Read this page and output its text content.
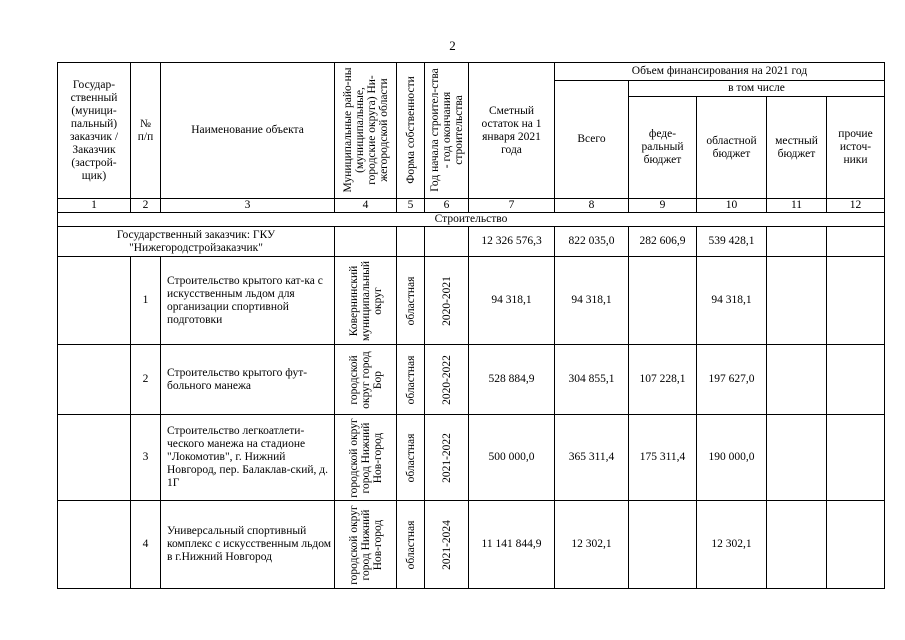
2
Государ-ственный (муници-пальный) заказчик / Заказчик (застрой-щик)	№ п/п	Наименование объекта	Муниципальные райо-ны (муниципальные, городские округа) Ни-жегородской области	Форма собственности	Год начала строител-ства - год окончания строительства	Сметный остаток на 1 января 2021 года	Объем финансирования на 2021 год				
							Всего	в том числе			
								феде-ральный бюджет	областной бюджет	местный бюджет	прочие источ-ники
1	2	3	4	5	6	7	8	9	10	11	12
Строительство											
Государственный заказчик: ГКУ "Нижегородстройзаказчик"						12 326 576,3	822 035,0	282 606,9	539 428,1		
	1	Строительство крытого кат-ка с искусственным льдом для организации спортивной подготовки	Ковернинский муниципальный округ	областная	2020-2021	94 318,1	94 318,1		94 318,1		
	2	Строительство крытого фут-больного манежа	городской округ город Бор	областная	2020-2022	528 884,9	304 855,1	107 228,1	197 627,0		
	3	Строительство легкоатлети-ческого манежа на стадионе "Локомотив", г. Нижний Новгород, пер. Балаклав-ский, д. 1Г	городской округ город Нижний Нов-город	областная	2021-2022	500 000,0	365 311,4	175 311,4	190 000,0		
	4	Универсальный спортивный комплекс с искусственным льдом в г.Нижний Новгород	городской округ город Нижний Нов-город	областная	2021-2024	11 141 844,9	12 302,1		12 302,1		
